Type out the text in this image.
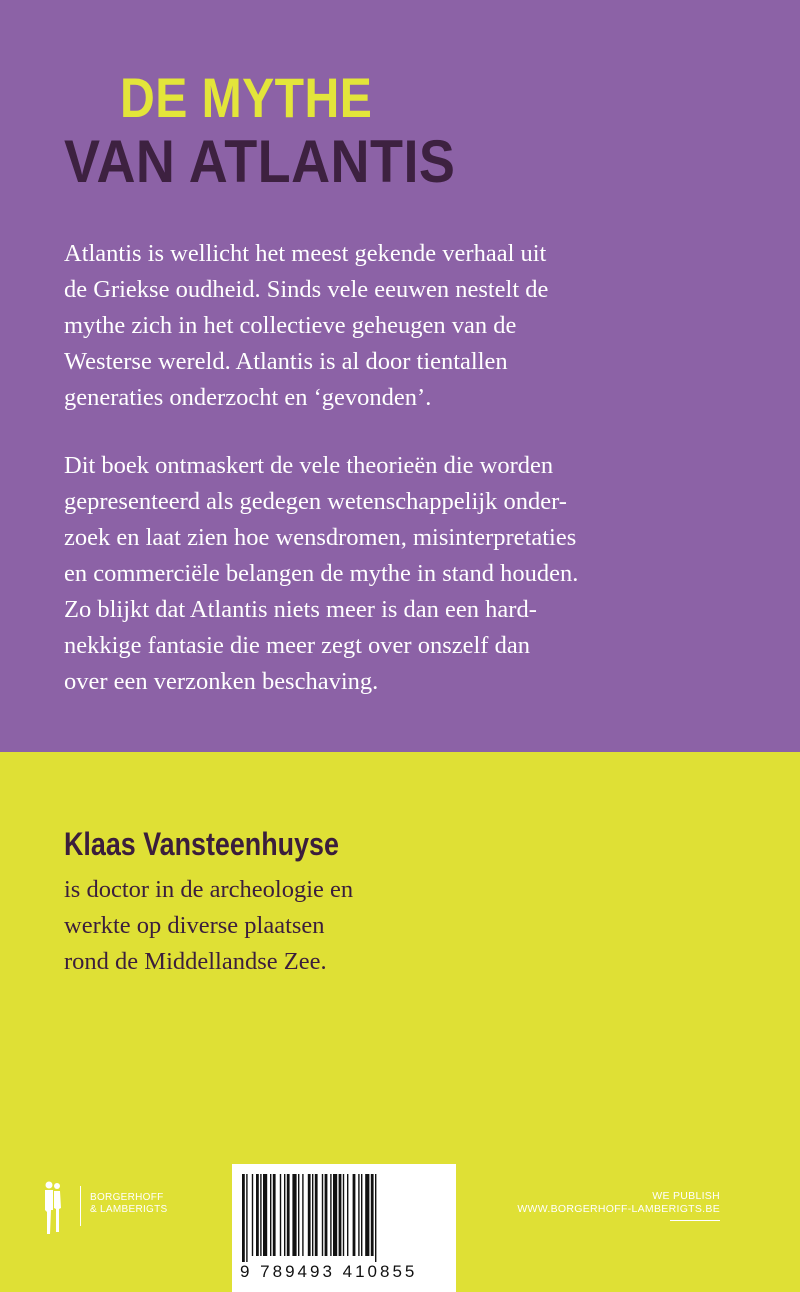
DE MYTHE
VAN ATLANTIS

Atlantis is wellicht het meest gekende verhaal uit
de Griekse oudheid. Sinds vele eeuwen nestelt de
mythe zich in het collectieve geheugen van de
Westerse wereld. Atlantis is al door tientallen
generaties onderzocht en ‘gevonden’.

Dit boek ontmaskert de vele theorieën die worden
gepresenteerd als gedegen wetenschappelijk onder-
zoek en laat zien hoe wensdromen, misinterpretaties
en commerciële belangen de mythe in stand houden.
Zo blijkt dat Atlantis niets meer is dan een hard-
nekkige fantasie die meer zegt over onszelf dan
over een verzonken beschaving.

Klaas Vansteenhuyse

is doctor in de archeologie en
werkte op diverse plaatsen
rond de Middellandse Zee.

BORGERHOFF
& LAMBERIGTS

9 789493 410855
WE PUBLISH
WWW.BORGERHOFF-LAMBERIGTS.BE
